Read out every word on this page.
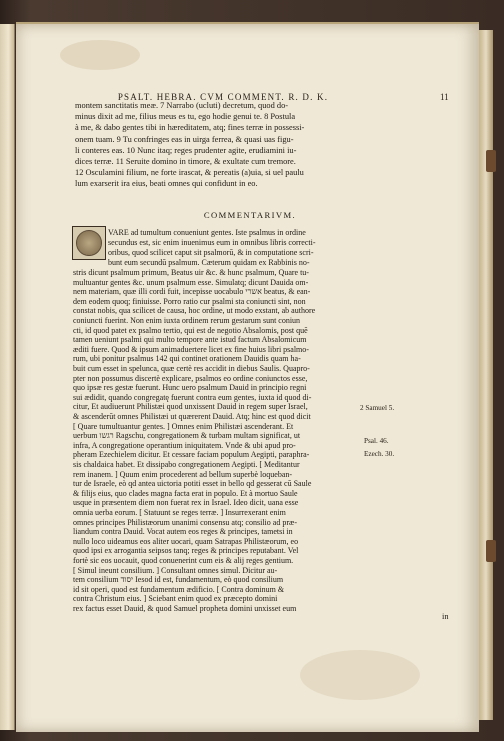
PSALT. HEBRA. CVM COMMENT. R. D. K.	11
montem sanctitatis meæ. 7 Narrabo (ucluti) decretum, quod do-
minus dixit ad me, filius meus es tu, ego hodie genui te. 8 Postula
à me, & dabo gentes tibi in hæreditatem, atq; fines terræ in possessi-
onem tuam. 9 Tu confringes eas in uirga ferrea, & quasi uas figu-
li conteres eas. 10 Nunc itaq; reges prudenter agite, erudiamini iu-
dices terræ. 11 Seruite domino in timore, & exultate cum tremore.
12 Osculamini filium, ne forte irascat, & pereatis (a)uia, si uel paulu
lum exarserit ira eius, beati omnes qui confidunt in eo.
COMMENTARIVM.
VARE ad tumultum conueniunt gentes. Iste psalmus in ordine
secundus est, sic enim inuenimus eum in omnibus libris correcti-
oribus, quod scilicet caput sit psalmorū, & in computatione scri-
bunt eum secundū psalmum. Cæterum quidam ex Rabbinis no-
stris dicunt psalmum primum, Beatus uir &c. & hunc psalmum, Quare tu-
multuantur gentes &c. unum psalmum esse. Simulatq; dicunt Dauida om-
nem materiam, quæ illi cordi fuit, incepisse uocabulo אשרי beatus, & ean-
dem eodem quoq; finiuisse. Porro ratio cur psalmi sta coniuncti sint, non
constat nobis, qua scilicet de causa, hoc ordine, ut modo exstant, ab authore
coniuncti fuerint. Non enim iuxta ordinem rerum gestarum sunt coniun
cti, id quod patet ex psalmo tertio, qui est de negotio Absalomis, post quẽ
tamen ueniunt psalmi qui multo tempore ante istud factum Absalomicum
æditi fuere. Quod & ipsum animaduertere licet ex fine huius libri psalmo-
rum, ubi ponitur psalmus 142 qui continet orationem Dauidis quam ha-
buit cum esset in spelunca, quæ certè res accidit in diebus Saulis. Quapro-
pter non possumus discertè explicare, psalmos eo ordine coniunctos esse,
quo ipsæ res gestæ fuerunt. Hunc uero psalmum Dauid in principio regni
sui ædidit, quando congregatę fuerunt contra eum gentes, iuxta id quod di-
citur, Et audiuerunt Philistæi quod unxissent Dauid in regem super Israel,
& ascenderūt omnes Philistæi ut quærerent Dauid. Atq; hinc est quod dicit
[ Quare tumultuantur gentes. ] Omnes enim Philistæi ascenderant. Et
uerbum רגשו Ragschu, congregationem & turbam multam significat, ut
infra, A congregatione operantium iniquitatem. Vnde & ubi apud pro-
pheram Ezechielem dicitur. Et cessare faciam populum Aegipti, paraphra-
sis chaldaica habet. Et dissipabo congregationem Aegipti. [ Meditantur
rem inanem. ] Quum enim procederent ad bellum superbè loqueban-
tur de Israele, eò qd antea uictoria potiti esset in bello qd gesserat cū Saule
& filijs eius, quo clades magna facta erat in populo. Et à mortuo Saule
usque in præsentem diem non fuerat rex in Israel. Ideo dicit, uana esse
omnia uerba eorum. [ Statuunt se reges terræ. ] Insurrexerant enim
omnes principes Philistæorum unanimi consensu atq; consilio ad præ-
liandum contra Dauid. Vocat autem eos reges & principes, tametsi in
nullo loco uideamus eos aliter uocari, quam Satrapas Philistæorum, eo
quod ipsi ex arrogantia seipsos tanq; reges & principes reputabant. Vel
fortè sic eos uocauit, quod conuenerint cum eis & alij reges gentium.
[ Simul ineunt consilium. ] Consultant omnes simul. Dicitur au-
tem consilium יסוד Iesod id est, fundamentum, eò quod consilium
id sit operi, quod est fundamentum ædificio. [ Contra dominum &
contra Christum eius. ] Sciebant enim quod ex præcepto domini
rex factus esset Dauid, & quod Samuel propheta domini unxisset eum
2 Samuel 5.
Psal. 46.
Ezech. 30.
in
